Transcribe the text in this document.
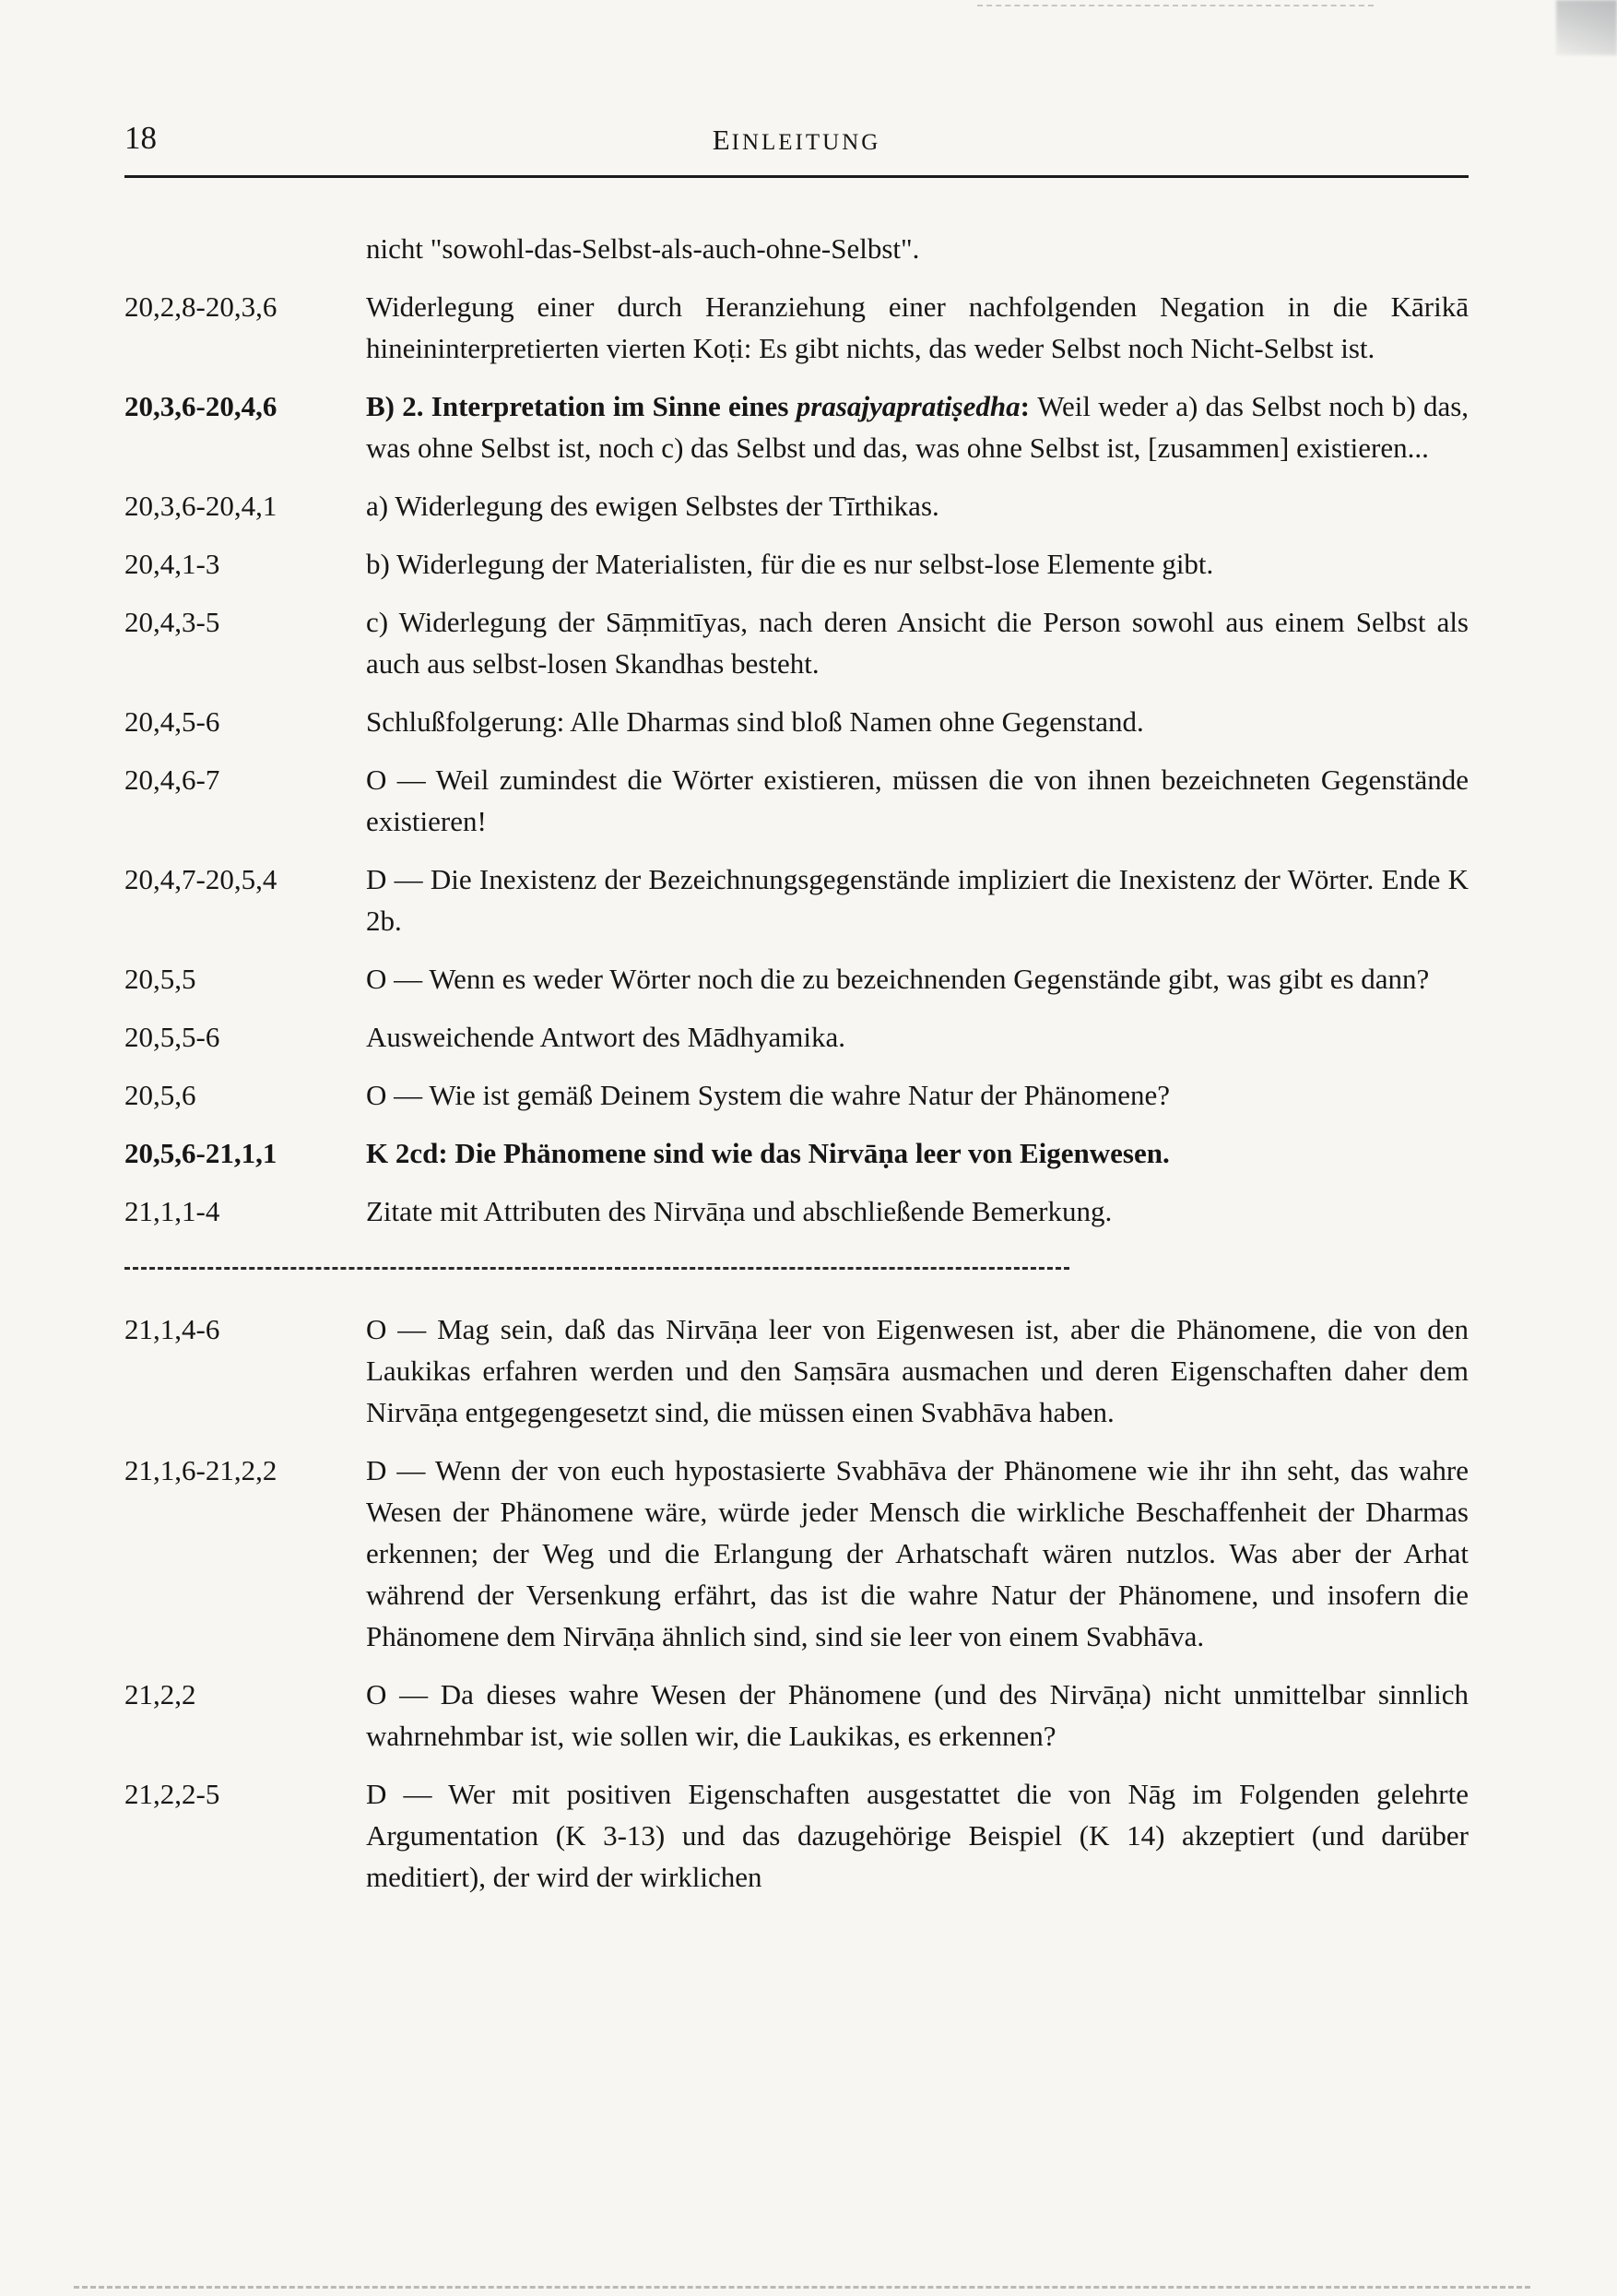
18	EINLEITUNG
nicht "sowohl-das-Selbst-als-auch-ohne-Selbst".
20,2,8-20,3,6	Widerlegung einer durch Heranziehung einer nachfolgenden Negation in die Kārikā hineininterpretierten vierten Koṭi: Es gibt nichts, das weder Selbst noch Nicht-Selbst ist.
20,3,6-20,4,6	B) 2. Interpretation im Sinne eines prasajyapratiṣedha: Weil weder a) das Selbst noch b) das, was ohne Selbst ist, noch c) das Selbst und das, was ohne Selbst ist, [zusammen] existieren...
20,3,6-20,4,1	a) Widerlegung des ewigen Selbstes der Tīrthikas.
20,4,1-3	b) Widerlegung der Materialisten, für die es nur selbst-lose Elemente gibt.
20,4,3-5	c) Widerlegung der Sāṃmitīyas, nach deren Ansicht die Person sowohl aus einem Selbst als auch aus selbst-losen Skandhas besteht.
20,4,5-6	Schlußfolgerung: Alle Dharmas sind bloß Namen ohne Gegenstand.
20,4,6-7	O — Weil zumindest die Wörter existieren, müssen die von ihnen bezeichneten Gegenstände existieren!
20,4,7-20,5,4	D — Die Inexistenz der Bezeichnungsgegenstände impliziert die Inexistenz der Wörter. Ende K 2b.
20,5,5	O — Wenn es weder Wörter noch die zu bezeichnenden Gegenstände gibt, was gibt es dann?
20,5,5-6	Ausweichende Antwort des Mādhyamika.
20,5,6	O — Wie ist gemäß Deinem System die wahre Natur der Phänomene?
20,5,6-21,1,1	K 2cd: Die Phänomene sind wie das Nirvāṇa leer von Eigenwesen.
21,1,1-4	Zitate mit Attributen des Nirvāṇa und abschließende Bemerkung.
21,1,4-6	O — Mag sein, daß das Nirvāṇa leer von Eigenwesen ist, aber die Phänomene, die von den Laukikas erfahren werden und den Saṃsāra ausmachen und deren Eigenschaften daher dem Nirvāṇa entgegengesetzt sind, die müssen einen Svabhāva haben.
21,1,6-21,2,2	D — Wenn der von euch hypostasierte Svabhāva der Phänomene wie ihr ihn seht, das wahre Wesen der Phänomene wäre, würde jeder Mensch die wirkliche Beschaffenheit der Dharmas erkennen; der Weg und die Erlangung der Arhatschaft wären nutzlos. Was aber der Arhat während der Versenkung erfährt, das ist die wahre Natur der Phänomene, und insofern die Phänomene dem Nirvāṇa ähnlich sind, sind sie leer von einem Svabhāva.
21,2,2	O — Da dieses wahre Wesen der Phänomene (und des Nirvāṇa) nicht unmittelbar sinnlich wahrnehmbar ist, wie sollen wir, die Laukikas, es erkennen?
21,2,2-5	D — Wer mit positiven Eigenschaften ausgestattet die von Nāg im Folgenden gelehrte Argumentation (K 3-13) und das dazugehörige Beispiel (K 14) akzeptiert (und darüber meditiert), der wird der wirklichen
